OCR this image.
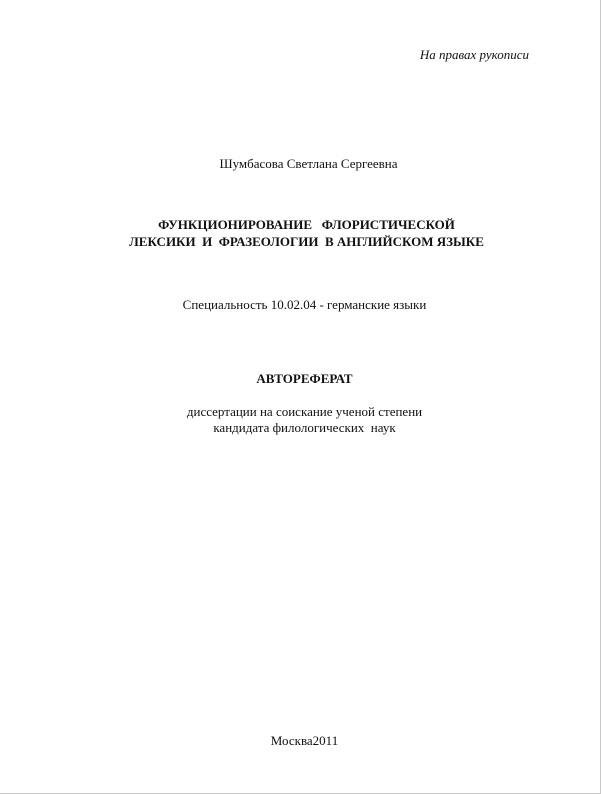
На правах рукописи
Шумбасова Светлана Сергеевна
ФУНКЦИОНИРОВАНИЕ   ФЛОРИСТИЧЕСКОЙ
ЛЕКСИКИ  И  ФРАЗЕОЛОГИИ  В АНГЛИЙСКОМ ЯЗЫКЕ
Специальность 10.02.04 - германские языки
АВТОРЕФЕРАТ
диссертации на соискание ученой степени
кандидата филологических  наук
Москва2011
